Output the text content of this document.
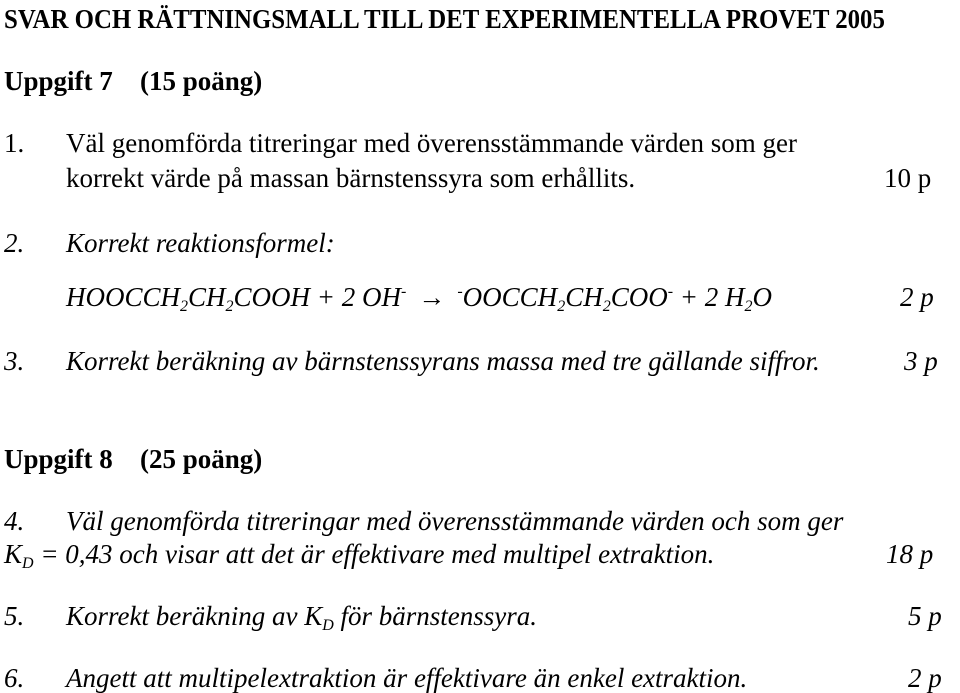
SVAR OCH RÄTTNINGSMALL TILL DET EXPERIMENTELLA PROVET 2005
Uppgift 7 (15 poäng)
1. Väl genomförda titreringar med överensstämmande värden som ger
korrekt värde på massan bärnstenssyra som erhållits.	10 p
2. Korrekt reaktionsformel:
$HOOCCH_2CH_2COOH + 2$ $OH^- \to ^-OOCCH_2CH_2COO^- + 2$ $H_2O$	2 p
3. Korrekt beräkning av bärnstenssyrans massa med tre gällande siffror.	3 p
Uppgift 8 (25 poäng)
4. Väl genomförda titreringar med överensstämmande värden och som ger
$K_D = 0,43$ och visar att det är effektivare med multipel extraktion.	18 p
5. Korrekt beräkning av $K_D$ för bärnstenssyra.	5 p
6. Angett att multipelextraktion är effektivare än enkel extraktion.	2 p
